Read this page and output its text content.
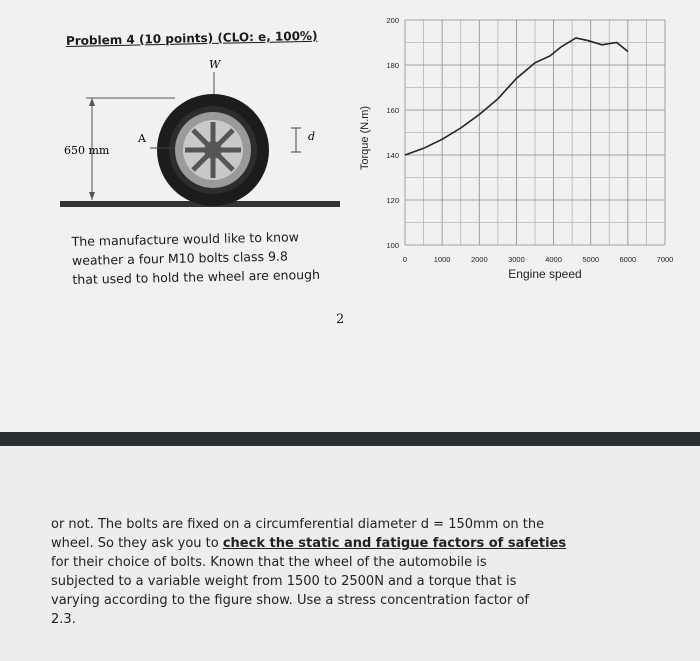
Problem 4 (10 points) (CLO: e, 100%)
W
650 mm
A	d
The manufacture would like to know
weather a four M10 bolts class 9.8
that used to hold the wheel are enough
2
0	1000	2000	3000	4000	5000	6000	7000
100
120
140
160
180
200
Torque (N.m)
Engine speed
or not. The bolts are fixed on a circumferential diameter d = 150mm on the
wheel. So they ask you to check the static and fatigue factors of safeties
for their choice of bolts. Known that the wheel of the automobile is
subjected to a variable weight from 1500 to 2500N and a torque that is
varying according to the figure show. Use a stress concentration factor of
2.3.
